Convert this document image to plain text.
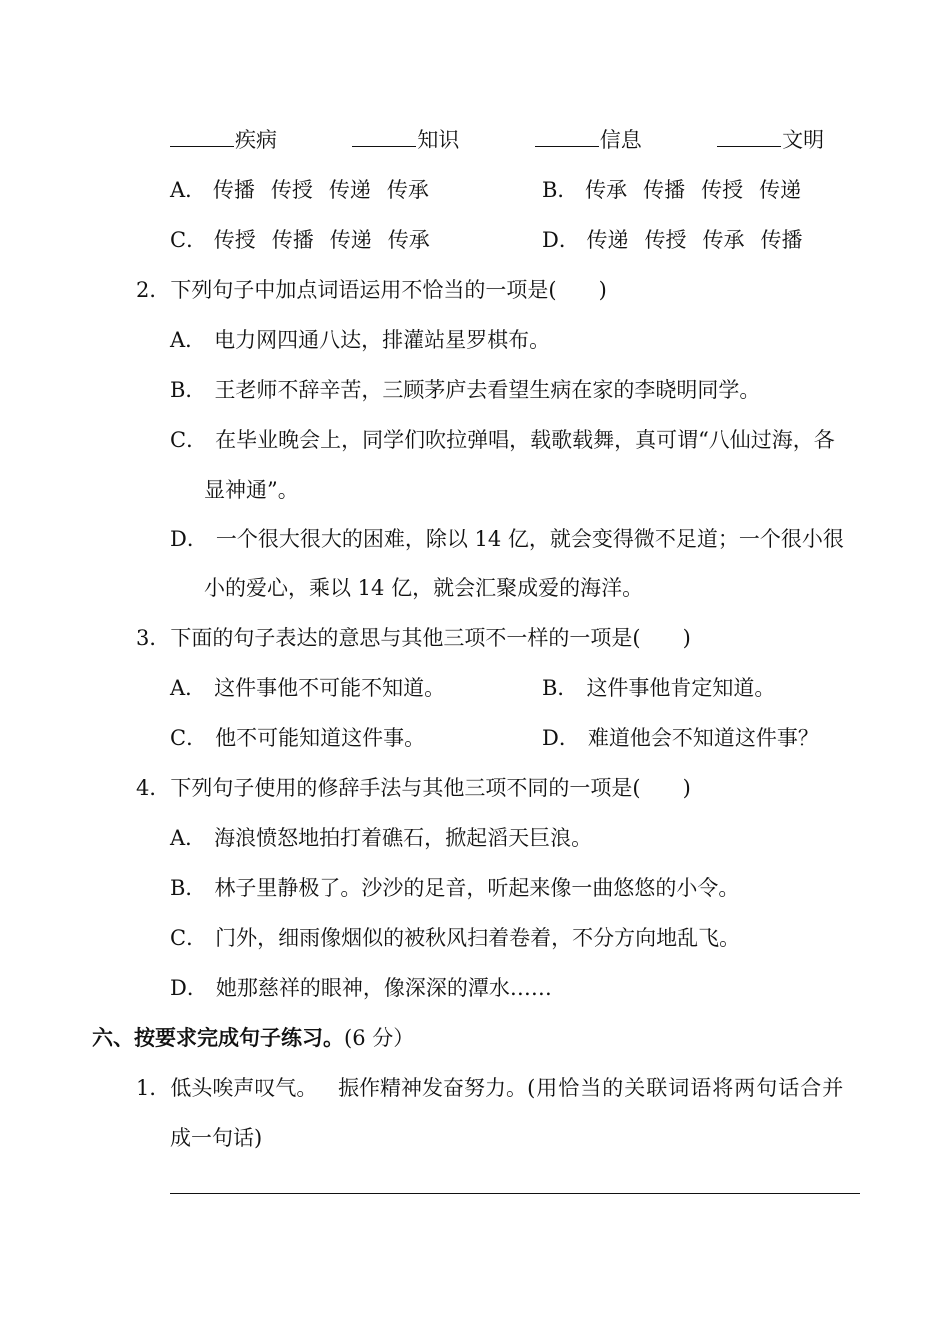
疾病	知识	信息	文明
A． 传播 传授 传递 传承	B． 传承 传播 传授 传递
C． 传授 传播 传递 传承	D． 传递 传授 传承 传播
2．下列句子中加点词语运用不恰当的一项是(　　)
A． 电力网四通八达，排灌站星罗棋布。
B． 王老师不辞辛苦，三顾茅庐去看望生病在家的李晓明同学。
C． 在毕业晚会上，同学们吹拉弹唱，载歌载舞，真可谓“八仙过海，各
显神通”。
D． 一个很大很大的困难，除以 14 亿，就会变得微不足道；一个很小很
小的爱心，乘以 14 亿，就会汇聚成爱的海洋。
3．下面的句子表达的意思与其他三项不一样的一项是(　　)
A． 这件事他不可能不知道。	B． 这件事他肯定知道。
C． 他不可能知道这件事。	D． 难道他会不知道这件事？
4．下列句子使用的修辞手法与其他三项不同的一项是(　　)
A． 海浪愤怒地拍打着礁石，掀起滔天巨浪。
B． 林子里静极了。沙沙的足音，听起来像一曲悠悠的小令。
C． 门外，细雨像烟似的被秋风扫着卷着，不分方向地乱飞。
D． 她那慈祥的眼神，像深深的潭水……
六、按要求完成句子练习。(6 分）
1．低头唉声叹气。 振作精神发奋努力。(用恰当的关联词语将两句话合并
成一句话)
